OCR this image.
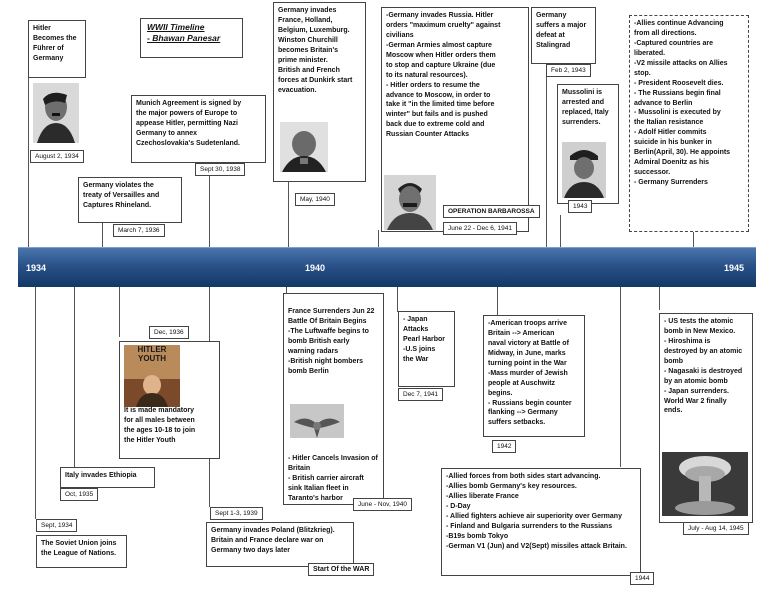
WWII Timeline
- Bhawan Panesar
1934	1940	1945
Hitler
Becomes the
Führer of
Germany
August 2, 1934
Germany violates the
treaty of Versailles and
Captures Rhineland.
March 7, 1936
Munich Agreement is signed by
the major powers of Europe to
appease Hitler, permitting Nazi
Germany to annex
Czechoslovakia's Sudetenland.
Sept 30, 1938
Germany invades
France, Holland,
Belgium, Luxemburg.
Winston Churchill
becomes Britain's
prime minister.
British and French
forces at Dunkirk start
evacuation.
May, 1940
-Germany invades Russia. Hitler
orders "maximum cruelty" against
civilians
-German Armies almost capture
Moscow when Hitler orders them
to stop and capture Ukraine (due
to its natural resources).
- Hitler orders to resume the
advance to Moscow, in order to
take it "in the limited time before
winter" but fails and is pushed
back due to extreme cold and
Russian Counter Attacks
OPERATION BARBAROSSA
June 22 - Dec 6, 1941
Germany
suffers a major
defeat at
Stalingrad
Feb 2, 1943
Mussolini is
arrested and
replaced, Italy
surrenders.
1943
-Allies continue Advancing
from all directions.
-Captured countries are
liberated.
-V2 missile attacks on Allies
stop.
- President Roosevelt dies.
- The Russians begin final
advance to Berlin
- Mussolini is executed by
the Italian resistance
- Adolf Hitler commits
suicide in his bunker in
Berlin(April, 30). He appoints
Admiral Doenitz as his
successor.
- Germany Surrenders
Sept, 1934
The Soviet Union joins
the League of Nations.
Italy invades Ethiopia
Oct, 1935
Dec, 1936
It is made mandatory
for all males between
the ages 10-18 to join
the Hitler Youth
HITLER
YOUTH
Sept 1-3, 1939
Germany invades Poland (Blitzkrieg).
Britain and France declare war on
Germany two days later
Start Of the WAR

France Surrenders Jun 22
Battle Of Britain Begins
-The Luftwaffe begins to
bomb British early
warning radars
-British night bombers
bomb Berlin

- Hitler Cancels Invasion of
Britain
- British carrier aircraft
sink Italian fleet in
Taranto's harbor

June - Nov, 1940
- Japan
Attacks
Pearl Harbor
-U.S joins
the War
Dec 7, 1941
-American troops arrive
Britain --> American
naval victory at Battle of
Midway, in June, marks
turning point in the War
-Mass murder of Jewish
people at Auschwitz
begins.
- Russians begin counter
flanking --> Germany
suffers setbacks.
1942
-Allied forces from both sides start advancing.
-Allies bomb Germany's key resources.
-Allies liberate France
- D-Day
- Allied fighters achieve air superiority over Germany
- Finland and Bulgaria surrenders to the Russians
-B19s bomb Tokyo
-German V1 (Jun) and V2(Sept) missiles attack Britain.
1944
- US tests the atomic
bomb in New Mexico.
- Hiroshima is
destroyed by an atomic
bomb
- Nagasaki is destroyed
by an atomic bomb
- Japan surrenders.
World War 2 finally
ends.
July - Aug 14, 1945
